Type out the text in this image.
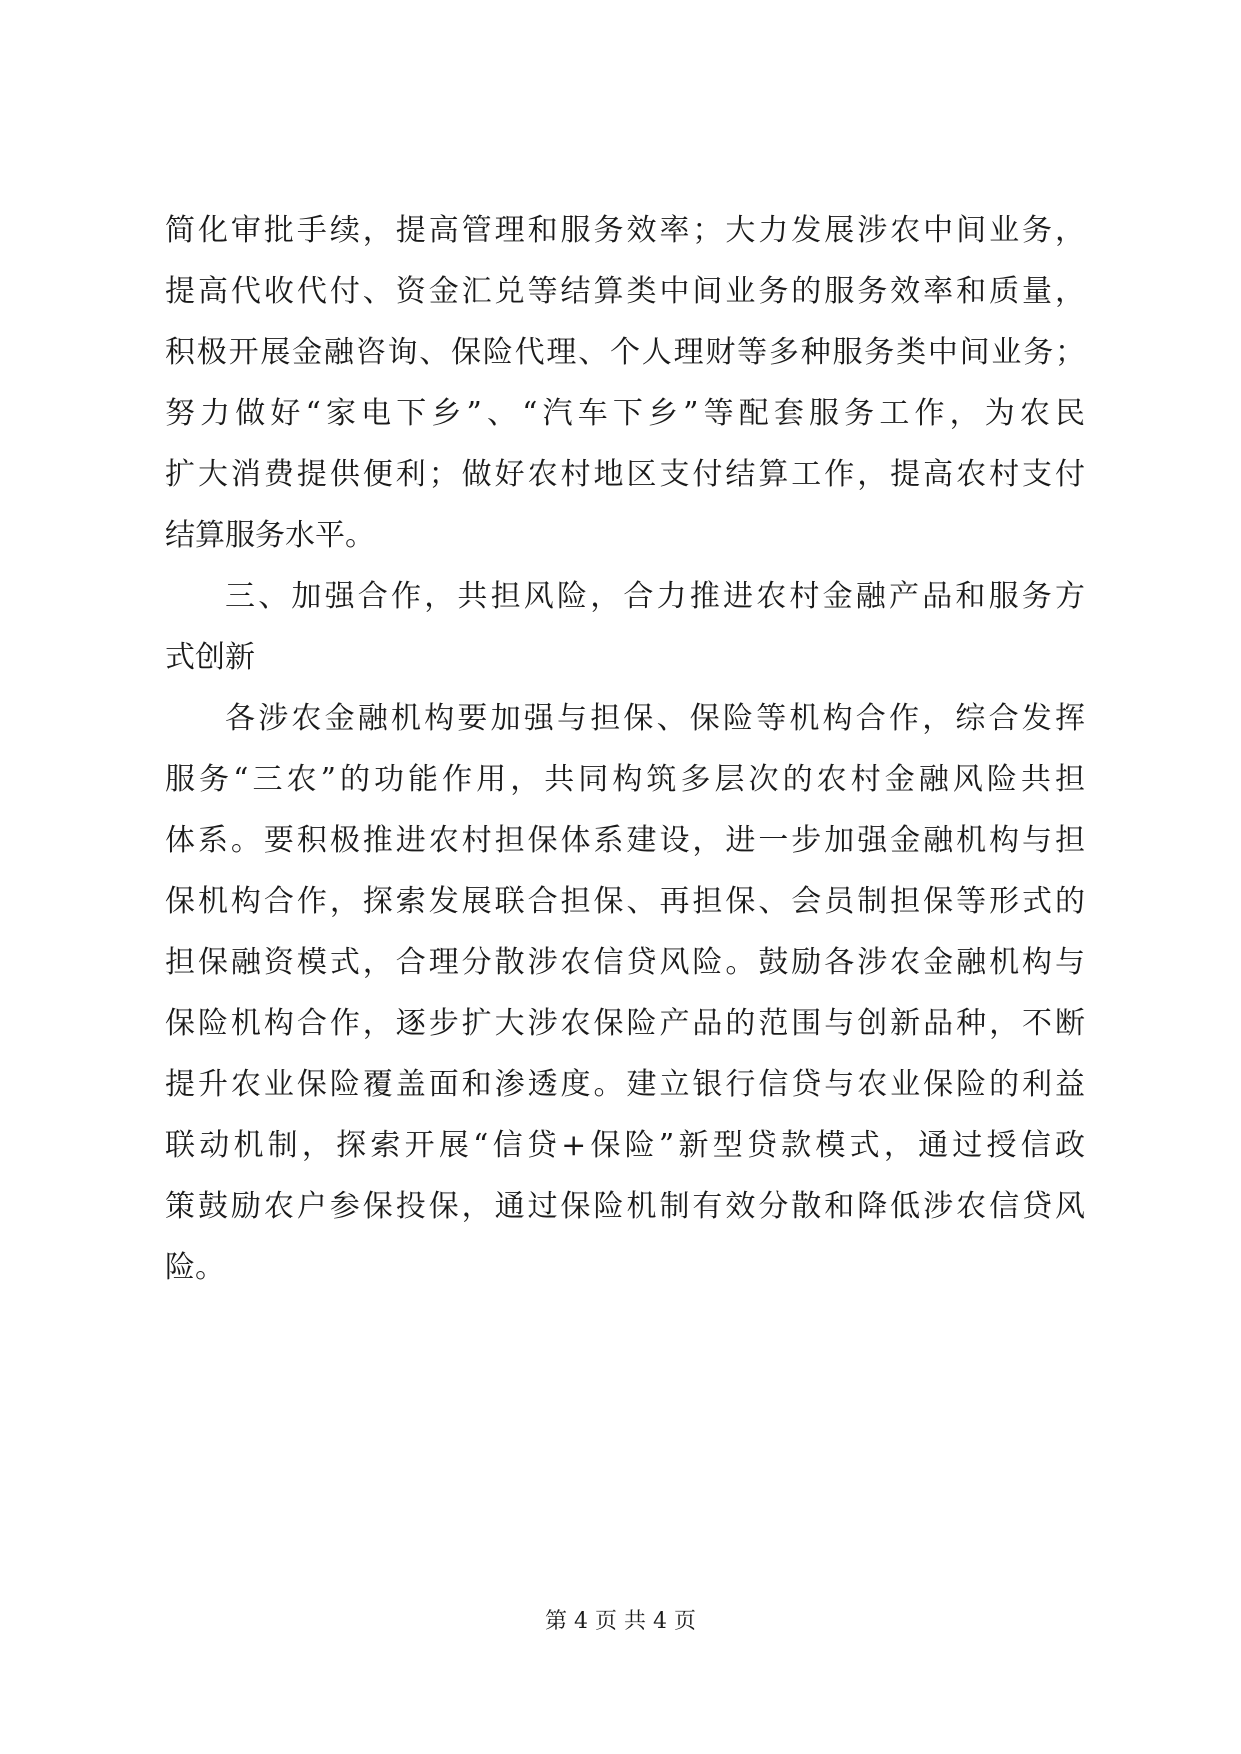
简化审批手续，提高管理和服务效率；大力发展涉农中间业务，
提高代收代付、资金汇兑等结算类中间业务的服务效率和质量，
积极开展金融咨询、保险代理、个人理财等多种服务类中间业务；
努力做好“家电下乡”、“汽车下乡”等配套服务工作，为农民
扩大消费提供便利；做好农村地区支付结算工作，提高农村支付
结算服务水平。
三、加强合作，共担风险，合力推进农村金融产品和服务方
式创新
各涉农金融机构要加强与担保、保险等机构合作，综合发挥
服务“三农”的功能作用，共同构筑多层次的农村金融风险共担
体系。要积极推进农村担保体系建设，进一步加强金融机构与担
保机构合作，探索发展联合担保、再担保、会员制担保等形式的
担保融资模式，合理分散涉农信贷风险。鼓励各涉农金融机构与
保险机构合作，逐步扩大涉农保险产品的范围与创新品种，不断
提升农业保险覆盖面和渗透度。建立银行信贷与农业保险的利益
联动机制，探索开展“信贷+保险”新型贷款模式，通过授信政
策鼓励农户参保投保，通过保险机制有效分散和降低涉农信贷风
险。
第 4 页 共 4 页
